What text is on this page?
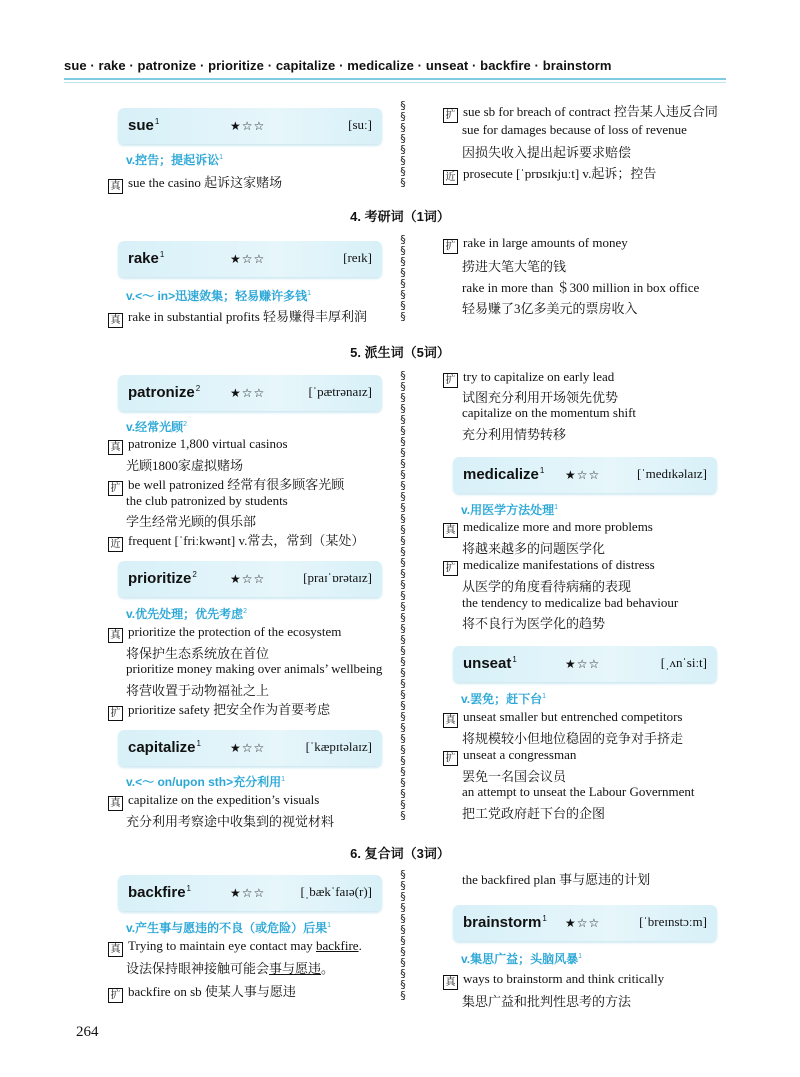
sue · rake · patronize · prioritize · capitalize · medicalize · unseat · backfire · brainstorm
§
§
§
§
§
§
§
§
sue$^1$	★☆☆	[suː]
v.控告；提起诉讼$^1$
真 sue the casino 起诉这家赌场
扩 sue sb for breach of contract 控告某人违反合同
sue for damages because of loss of revenue
因损失收入提出起诉要求赔偿
近 prosecute [ˈprɒsɪkjuːt] v.起诉；控告
4. 考研词（1词）
§
§
§
§
§
§
§
§
rake$^1$	★☆☆	[reɪk]
v.<～ in>迅速敛集；轻易赚许多钱$^1$
真 rake in substantial profits 轻易赚得丰厚利润
扩 rake in large amounts of money
捞进大笔大笔的钱
rake in more than ＄300 million in box office
轻易赚了3亿多美元的票房收入
5. 派生词（5词）
§
§
§
§
§
§
§
§
§
§
§
§
§
§
§
§
§
§
§
§
§
§
§
§
§
§
§
§
§
§
§
§
§
§
§
§
§
§
§
§
§
patronize$^2$ ★☆☆	[ˈpætrənaɪz]
v.经常光顾$^2$
真 patronize 1,800 virtual casinos
光顾1800家虚拟赌场
扩 be well patronized 经常有很多顾客光顾
the club patronized by students
学生经常光顾的俱乐部
近 frequent [ˈfriːkwənt] v.常去，常到（某处）
扩 try to capitalize on early lead
试图充分利用开场领先优势
capitalize on the momentum shift
充分利用情势转移
prioritize$^2$	★☆☆	[praɪˈɒrətaɪz]
v.优先处理；优先考虑$^2$
真 prioritize the protection of the ecosystem
将保护生态系统放在首位
prioritize money making over animals’ wellbeing
将营收置于动物福祉之上
扩 prioritize safety 把安全作为首要考虑
capitalize$^1$ ★☆☆	[ˈkæpɪtəlaɪz]
v.<～ on/upon sth>充分利用$^1$
真 capitalize on the expedition’s visuals
充分利用考察途中收集到的视觉材料
medicalize$^1$ ★☆☆	[ˈmedɪkəlaɪz]
v.用医学方法处理$^1$
真 medicalize more and more problems
将越来越多的问题医学化
扩 medicalize manifestations of distress
从医学的角度看待病痛的表现
the tendency to medicalize bad behaviour
将不良行为医学化的趋势
unseat$^1$	★☆☆	[ˌʌnˈsiːt]
v.罢免；赶下台$^1$
真 unseat smaller but entrenched competitors
将规模较小但地位稳固的竞争对手挤走
扩 unseat a congressman
罢免一名国会议员
an attempt to unseat the Labour Government
把工党政府赶下台的企图
6. 复合词（3词）
§
§
§
§
§
§
§
§
§
§
§
§
backfire$^1$	★☆☆	[ˌbækˈfaɪə(r)]
v.产生事与愿违的不良（或危险）后果$^1$
真 Trying to maintain eye contact may backfire.
设法保持眼神接触可能会事与愿违。
扩 backfire on sb 使某人事与愿违
the backfired plan 事与愿违的计划
brainstorm$^1$ ★☆☆	[ˈbreɪnstɔːm]
v.集思广益；头脑风暴$^1$
真 ways to brainstorm and think critically
集思广益和批判性思考的方法
264
